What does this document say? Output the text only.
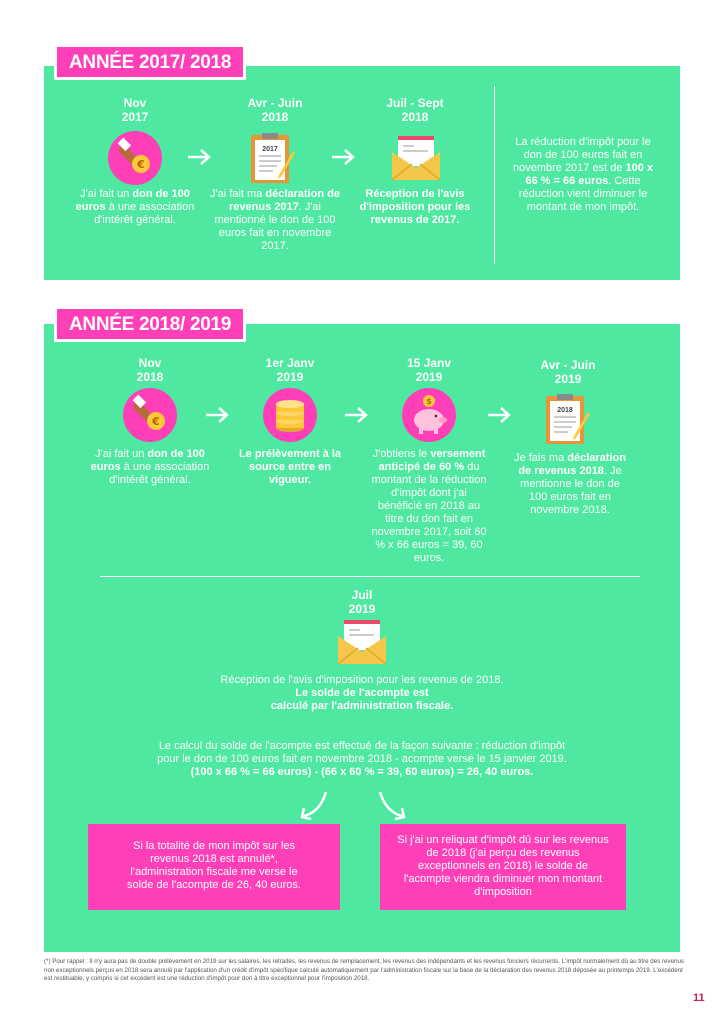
ANNÉE 2017/ 2018
Nov
2017
€
J'ai fait un don de 100 euros à une association d'intérêt général.
Avr - Juin
2018
2017
J'ai fait ma déclaration de revenus 2017. J'ai mentionné le don de 100 euros fait en novembre 2017.
Juil - Sept
2018
Réception de l'avis d'imposition pour les revenus de 2017.
La réduction d'impôt pour le don de 100 euros fait en novembre 2017 est de 100 x 66 % = 66 euros. Cette réduction vient diminuer le montant de mon impôt.
ANNÉE 2018/ 2019
Nov
2018
€
J'ai fait un don de 100 euros à une association d'intérêt général.
1er Janv
2019
Le prélèvement à la source entre en vigueur.
15 Janv
2019
$
J'obtiens le versement anticipé de 60 % du montant de la réduction d'impôt dont j'ai bénéficié en 2018 au titre du don fait en novembre 2017, soit 60 % x 66 euros = 39, 60 euros.
Avr - Juin
2019
2018
Je fais ma déclaration de revenus 2018. Je mentionne le don de 100 euros fait en novembre 2018.
Juil
2019
Réception de l'avis d'imposition pour les revenus de 2018.
Le solde de l'acompte est
calculé par l'administration fiscale.
Le calcul du solde de l'acompte est effectué de la façon suivante : réduction d'impôt
pour le don de 100 euros fait en novembre 2018 - acompte versé le 15 janvier 2019.
(100 x 66 % = 66 euros) - (66 x 60 % = 39, 60 euros) = 26, 40 euros.
Si la totalité de mon impôt sur les revenus 2018 est annulé*, l'administration fiscale me verse le solde de l'acompte de 26, 40 euros.
Si j'ai un reliquat d'impôt dû sur les revenus de 2018 (j'ai perçu des revenus exceptionnels en 2018) le solde de l'acompte viendra diminuer mon montant d'imposition
(*) Pour rappel : Il n'y aura pas de double prélèvement en 2019 sur les salaires, les retraites, les revenus de remplacement, les revenus des indépendants et les revenus fonciers récurrents. L'impôt normalement dû au titre des revenus non exceptionnels perçus en 2018 sera annulé par l'application d'un crédit d'impôt spécifique calculé automatiquement par l'administration fiscale sur la base de la déclaration des revenus 2018 déposée au printemps 2019. L'excédent est restituable, y compris si cet excédent est une réduction d'impôt pour don à titre exceptionnel pour l'imposition 2018.
11
